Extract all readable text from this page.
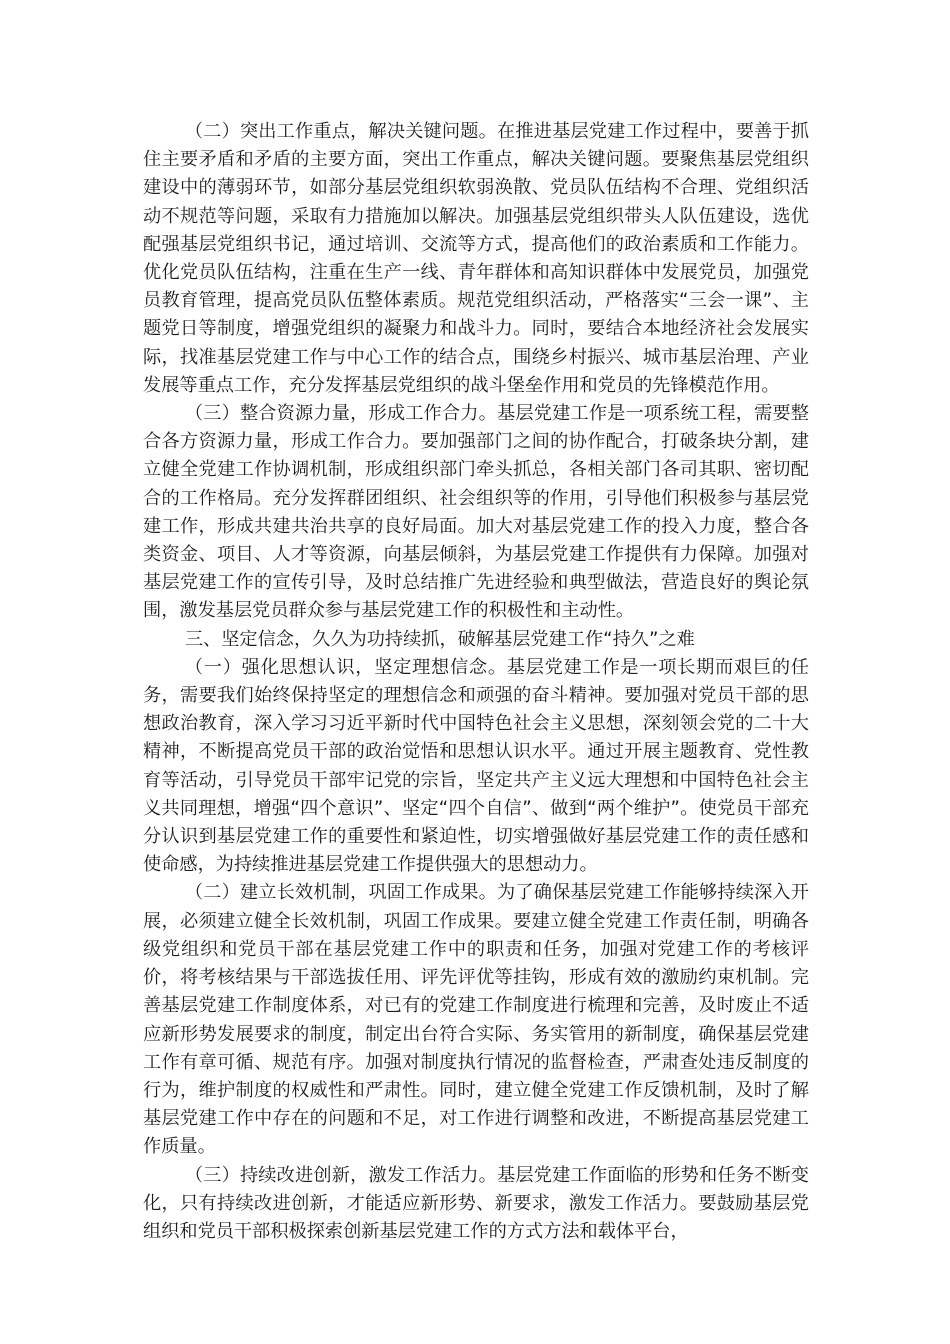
（二）突出工作重点，解决关键问题。在推进基层党建工作过程中，要善于抓住主要矛盾和矛盾的主要方面，突出工作重点，解决关键问题。要聚焦基层党组织建设中的薄弱环节，如部分基层党组织软弱涣散、党员队伍结构不合理、党组织活动不规范等问题，采取有力措施加以解决。加强基层党组织带头人队伍建设，选优配强基层党组织书记，通过培训、交流等方式，提高他们的政治素质和工作能力。优化党员队伍结构，注重在生产一线、青年群体和高知识群体中发展党员，加强党员教育管理，提高党员队伍整体素质。规范党组织活动，严格落实“三会一课”、主题党日等制度，增强党组织的凝聚力和战斗力。同时，要结合本地经济社会发展实际，找准基层党建工作与中心工作的结合点，围绕乡村振兴、城市基层治理、产业发展等重点工作，充分发挥基层党组织的战斗堡垒作用和党员的先锋模范作用。

（三）整合资源力量，形成工作合力。基层党建工作是一项系统工程，需要整合各方资源力量，形成工作合力。要加强部门之间的协作配合，打破条块分割，建立健全党建工作协调机制，形成组织部门牵头抓总，各相关部门各司其职、密切配合的工作格局。充分发挥群团组织、社会组织等的作用，引导他们积极参与基层党建工作，形成共建共治共享的良好局面。加大对基层党建工作的投入力度，整合各类资金、项目、人才等资源，向基层倾斜，为基层党建工作提供有力保障。加强对基层党建工作的宣传引导，及时总结推广先进经验和典型做法，营造良好的舆论氛围，激发基层党员群众参与基层党建工作的积极性和主动性。

三、坚定信念，久久为功持续抓，破解基层党建工作“持久”之难

（一）强化思想认识，坚定理想信念。基层党建工作是一项长期而艰巨的任务，需要我们始终保持坚定的理想信念和顽强的奋斗精神。要加强对党员干部的思想政治教育，深入学习习近平新时代中国特色社会主义思想，深刻领会党的二十大精神，不断提高党员干部的政治觉悟和思想认识水平。通过开展主题教育、党性教育等活动，引导党员干部牢记党的宗旨，坚定共产主义远大理想和中国特色社会主义共同理想，增强“四个意识”、坚定“四个自信”、做到“两个维护”。使党员干部充分认识到基层党建工作的重要性和紧迫性，切实增强做好基层党建工作的责任感和使命感，为持续推进基层党建工作提供强大的思想动力。

（二）建立长效机制，巩固工作成果。为了确保基层党建工作能够持续深入开展，必须建立健全长效机制，巩固工作成果。要建立健全党建工作责任制，明确各级党组织和党员干部在基层党建工作中的职责和任务，加强对党建工作的考核评价，将考核结果与干部选拔任用、评先评优等挂钩，形成有效的激励约束机制。完善基层党建工作制度体系，对已有的党建工作制度进行梳理和完善，及时废止不适应新形势发展要求的制度，制定出台符合实际、务实管用的新制度，确保基层党建工作有章可循、规范有序。加强对制度执行情况的监督检查，严肃查处违反制度的行为，维护制度的权威性和严肃性。同时，建立健全党建工作反馈机制，及时了解基层党建工作中存在的问题和不足，对工作进行调整和改进，不断提高基层党建工作质量。

（三）持续改进创新，激发工作活力。基层党建工作面临的形势和任务不断变化，只有持续改进创新，才能适应新形势、新要求，激发工作活力。要鼓励基层党组织和党员干部积极探索创新基层党建工作的方式方法和载体平台，
